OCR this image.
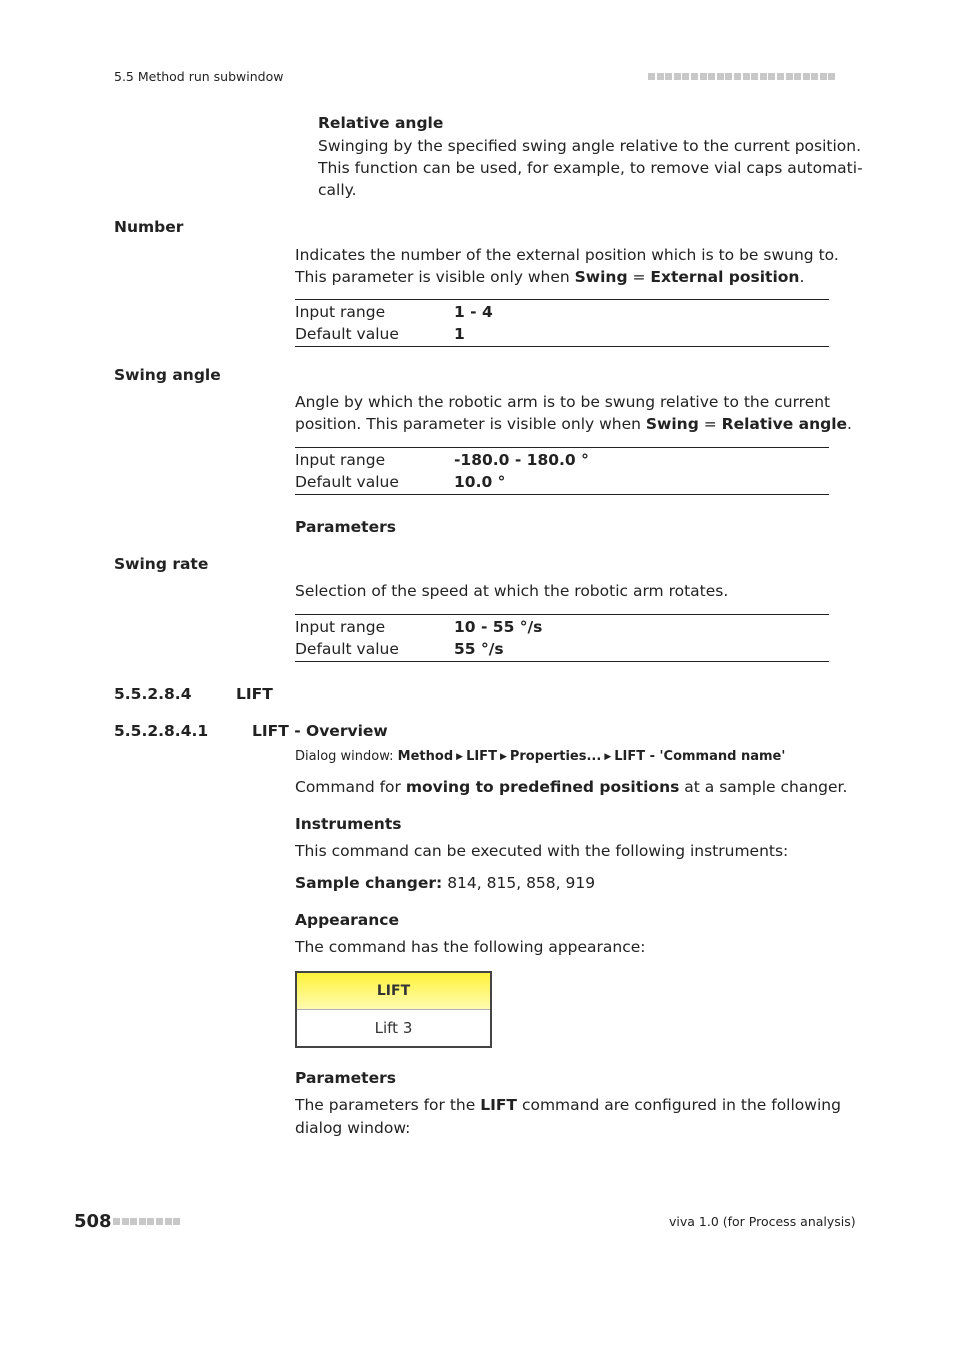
5.5 Method run subwindow
Relative angle
Swinging by the specified swing angle relative to the current position.
This function can be used, for example, to remove vial caps automati-
cally.
Number
Indicates the number of the external position which is to be swung to.
This parameter is visible only when Swing = External position.
Input range	1 - 4
Default value	1
Swing angle
Angle by which the robotic arm is to be swung relative to the current
position. This parameter is visible only when Swing = Relative angle.
Input range	-180.0 - 180.0 °
Default value	10.0 °
Parameters
Swing rate
Selection of the speed at which the robotic arm rotates.
Input range	10 - 55 °/s
Default value	55 °/s
5.5.2.8.4	LIFT
5.5.2.8.4.1	LIFT - Overview
Dialog window: Method ▶ LIFT ▶ Properties... ▶ LIFT - 'Command name'
Command for moving to predefined positions at a sample changer.
Instruments
This command can be executed with the following instruments:
Sample changer: 814, 815, 858, 919
Appearance
The command has the following appearance:
LIFT
Lift 3
Parameters
The parameters for the LIFT command are configured in the following
dialog window:
508	viva 1.0 (for Process analysis)
